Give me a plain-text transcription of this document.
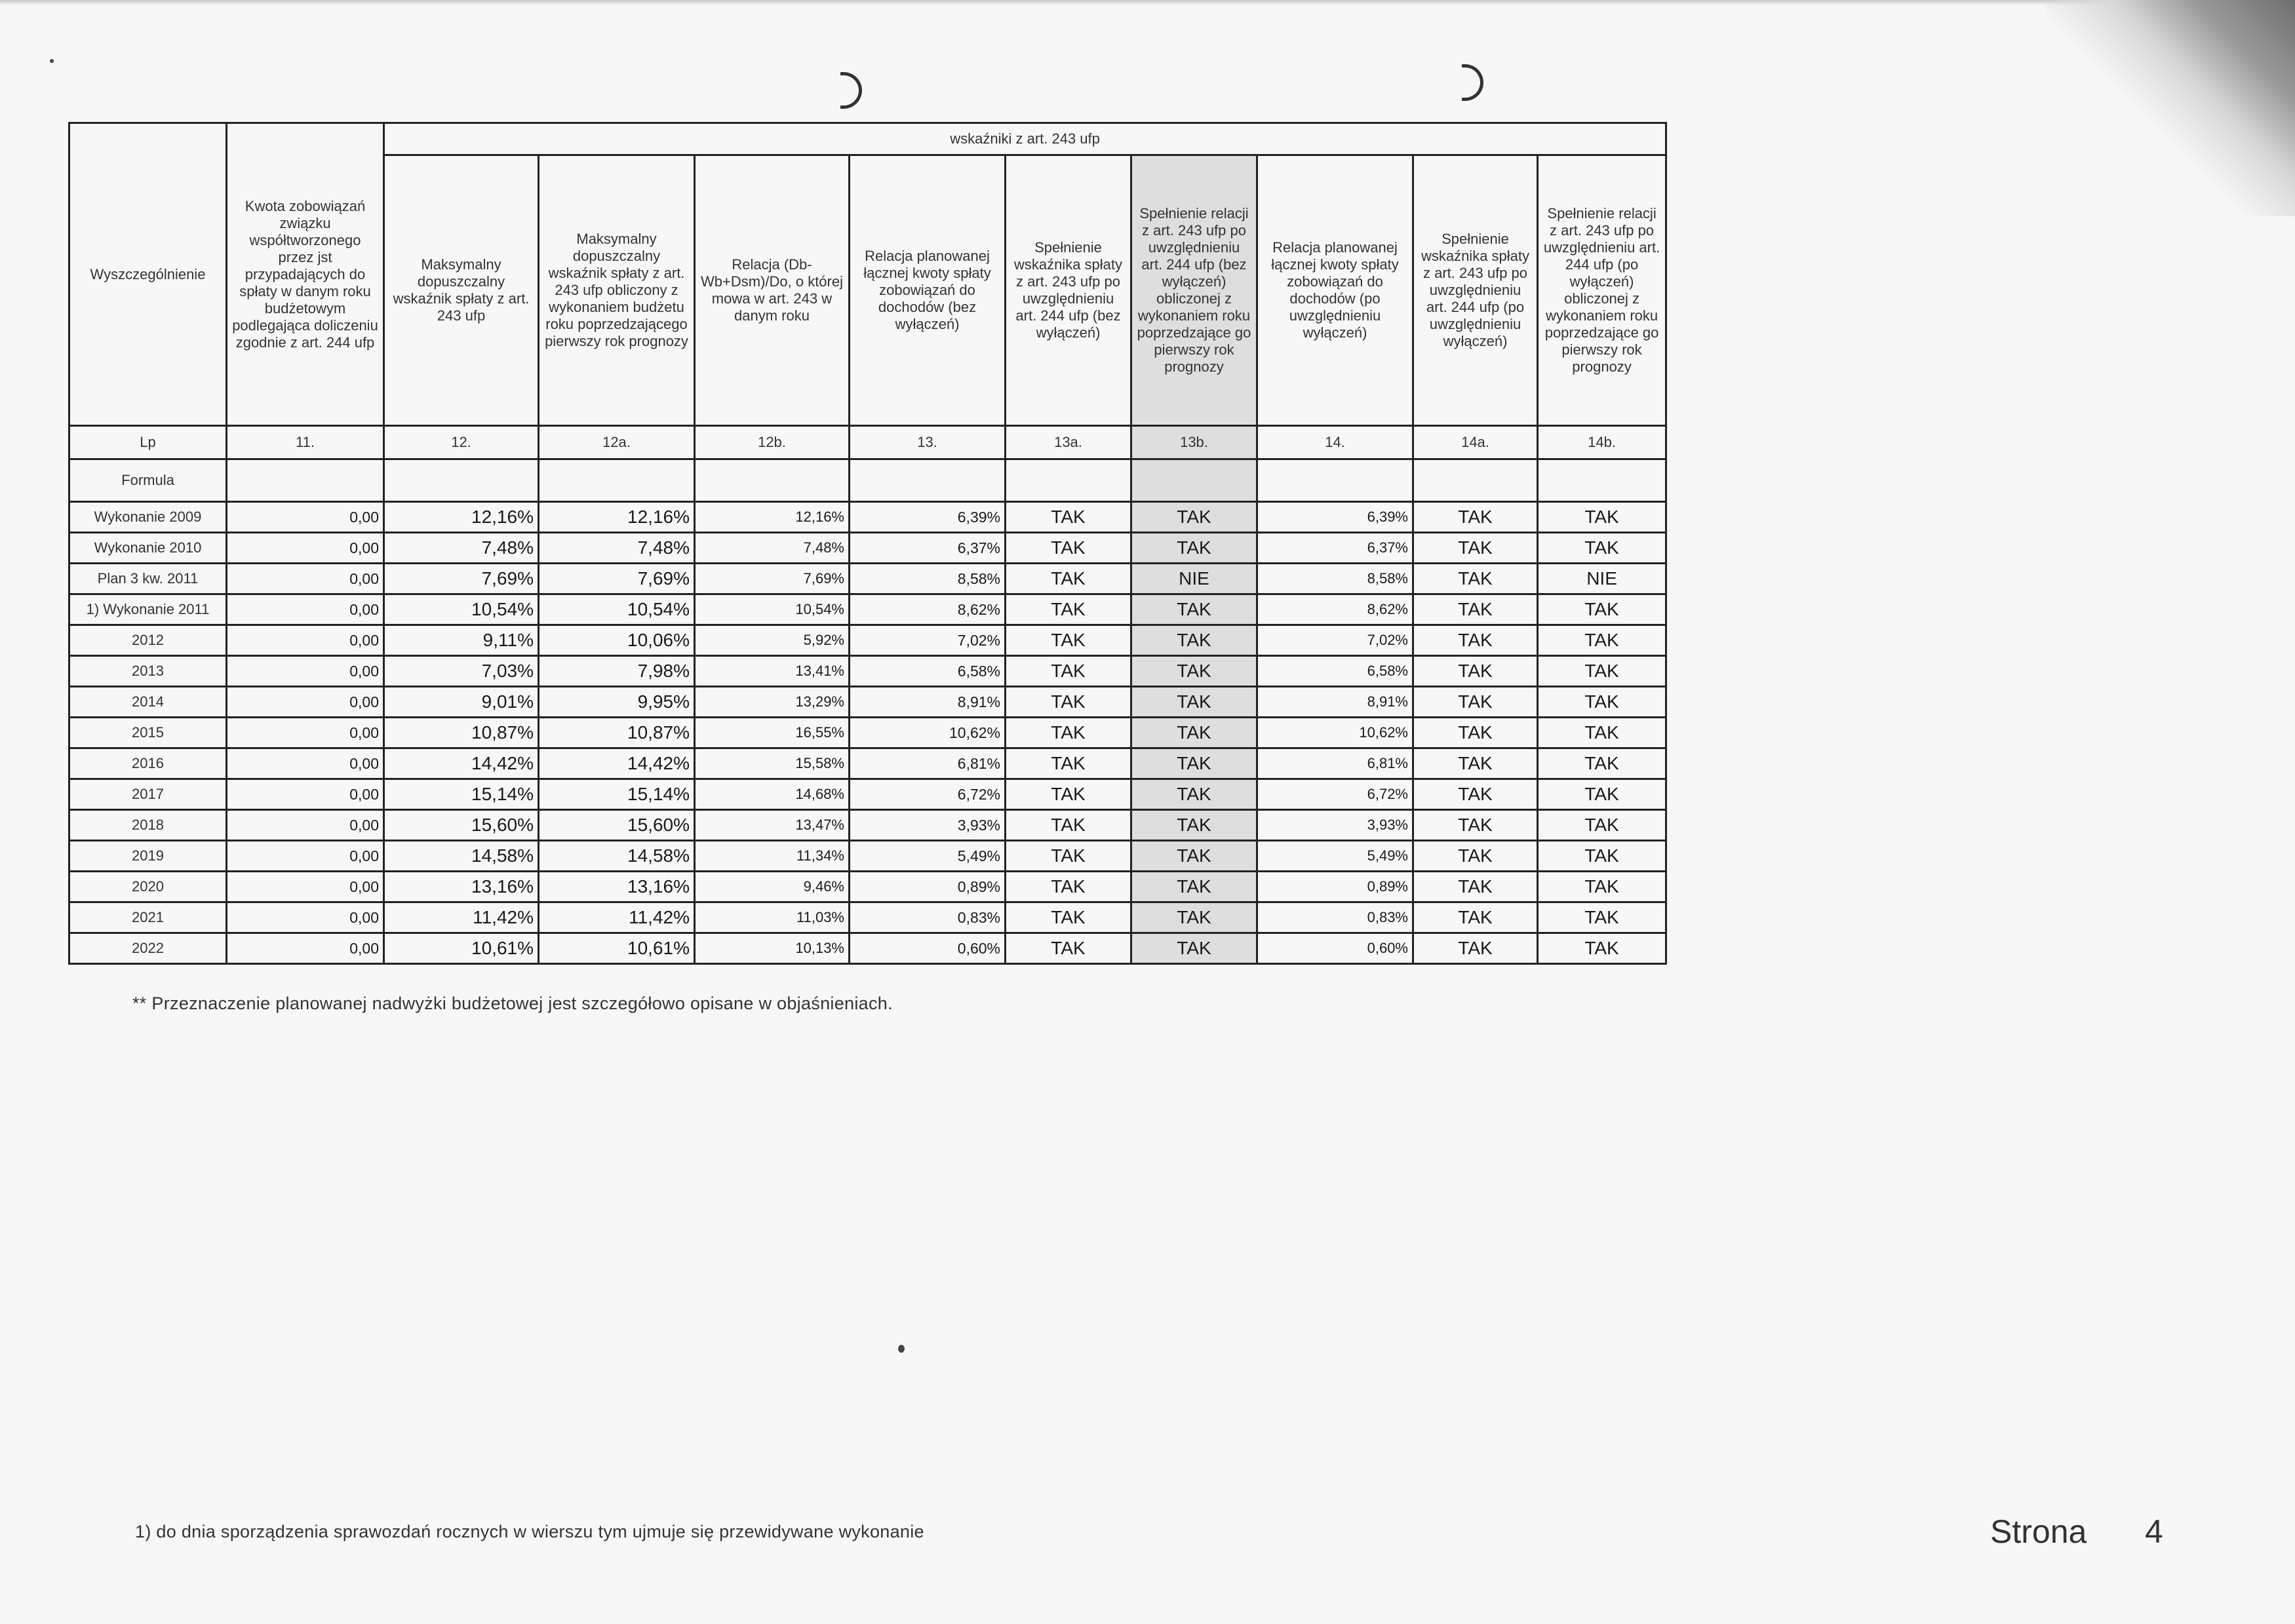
Wyszczególnienie	Kwota zobowiązań związku współtworzonego przez jst przypadających do spłaty w danym roku budżetowym podlegająca doliczeniu zgodnie z art. 244 ufp	wskaźniki z art. 243 ufp								
		Maksymalny dopuszczalny wskaźnik spłaty z art. 243 ufp	Maksymalny dopuszczalny wskaźnik spłaty z art. 243 ufp obliczony z wykonaniem budżetu roku poprzedzającego pierwszy rok prognozy	Relacja (Db-Wb+Dsm)/Do, o której mowa w art. 243 w danym roku	Relacja planowanej łącznej kwoty spłaty zobowiązań do dochodów (bez wyłączeń)	Spełnienie wskaźnika spłaty z art. 243 ufp po uwzględnieniu art. 244 ufp (bez wyłączeń)	Spełnienie relacji z art. 243 ufp po uwzględnieniu art. 244 ufp (bez wyłączeń) obliczonej z wykonaniem roku poprzedzające go pierwszy rok prognozy	Relacja planowanej łącznej kwoty spłaty zobowiązań do dochodów (po uwzględnieniu wyłączeń)	Spełnienie wskaźnika spłaty z art. 243 ufp po uwzględnieniu art. 244 ufp (po uwzględnieniu wyłączeń)	Spełnienie relacji z art. 243 ufp po uwzględnieniu art. 244 ufp (po wyłączeń) obliczonej z wykonaniem roku poprzedzające go pierwszy rok prognozy
Lp	11.	12.	12a.	12b.	13.	13a.	13b.	14.	14a.	14b.
Formula										
Wykonanie 2009	0,00	12,16%	12,16%	12,16%	6,39%	TAK	TAK	6,39%	TAK	TAK
Wykonanie 2010	0,00	7,48%	7,48%	7,48%	6,37%	TAK	TAK	6,37%	TAK	TAK
Plan 3 kw. 2011	0,00	7,69%	7,69%	7,69%	8,58%	TAK	NIE	8,58%	TAK	NIE
1) Wykonanie 2011	0,00	10,54%	10,54%	10,54%	8,62%	TAK	TAK	8,62%	TAK	TAK
2012	0,00	9,11%	10,06%	5,92%	7,02%	TAK	TAK	7,02%	TAK	TAK
2013	0,00	7,03%	7,98%	13,41%	6,58%	TAK	TAK	6,58%	TAK	TAK
2014	0,00	9,01%	9,95%	13,29%	8,91%	TAK	TAK	8,91%	TAK	TAK
2015	0,00	10,87%	10,87%	16,55%	10,62%	TAK	TAK	10,62%	TAK	TAK
2016	0,00	14,42%	14,42%	15,58%	6,81%	TAK	TAK	6,81%	TAK	TAK
2017	0,00	15,14%	15,14%	14,68%	6,72%	TAK	TAK	6,72%	TAK	TAK
2018	0,00	15,60%	15,60%	13,47%	3,93%	TAK	TAK	3,93%	TAK	TAK
2019	0,00	14,58%	14,58%	11,34%	5,49%	TAK	TAK	5,49%	TAK	TAK
2020	0,00	13,16%	13,16%	9,46%	0,89%	TAK	TAK	0,89%	TAK	TAK
2021	0,00	11,42%	11,42%	11,03%	0,83%	TAK	TAK	0,83%	TAK	TAK
2022	0,00	10,61%	10,61%	10,13%	0,60%	TAK	TAK	0,60%	TAK	TAK
** Przeznaczenie planowanej nadwyżki budżetowej jest szczegółowo opisane w objaśnieniach.
1) do dnia sporządzenia sprawozdań rocznych w wierszu tym ujmuje się przewidywane wykonanie	Strona 4
